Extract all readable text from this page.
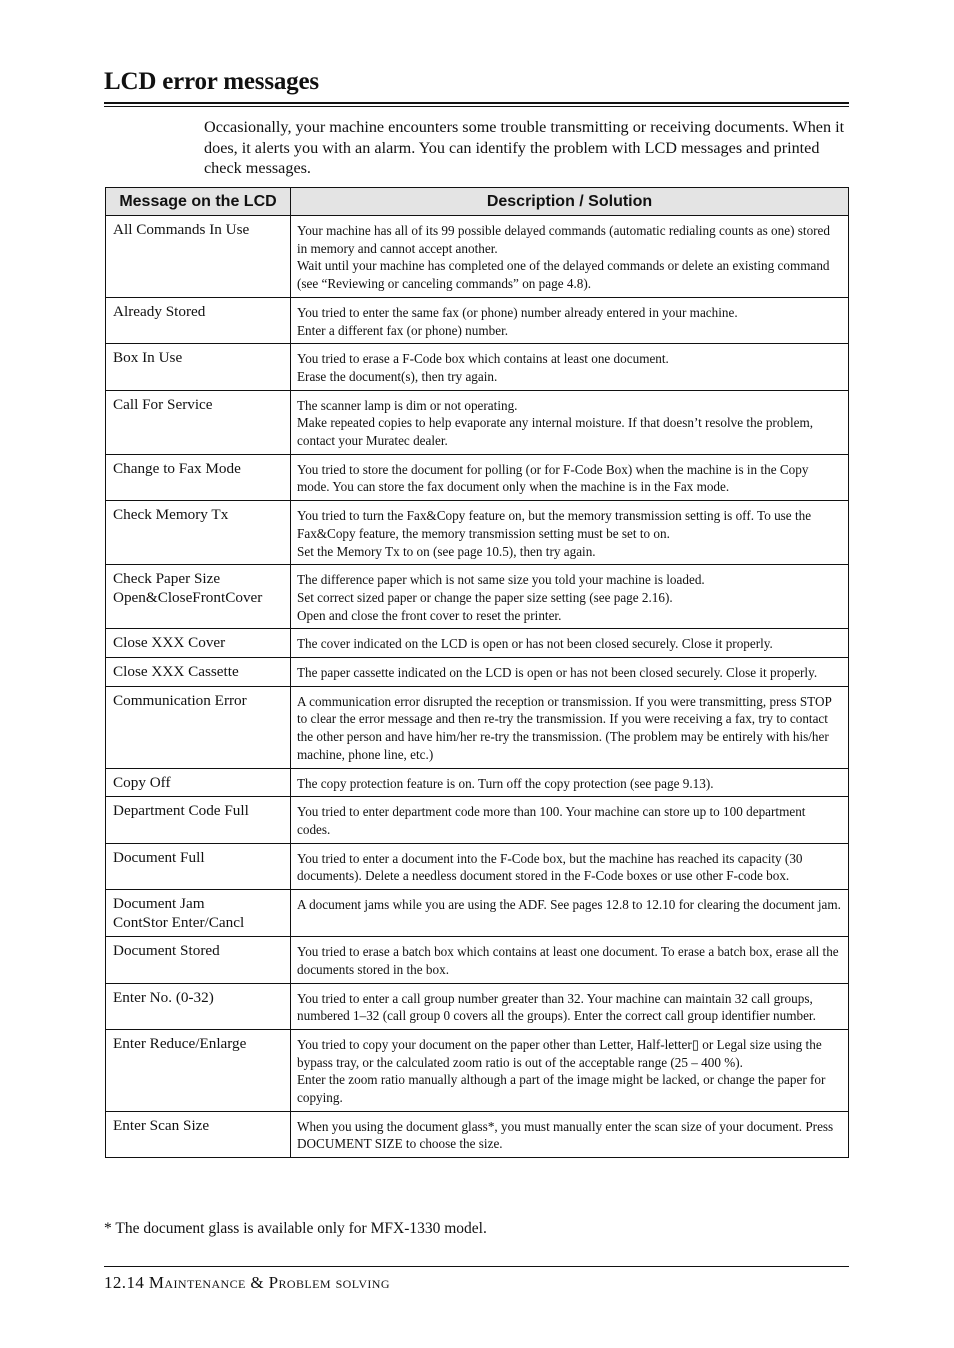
LCD error messages

Occasionally, your machine encounters some trouble transmitting or receiving documents. When it does, it alerts you with an alarm. You can identify the problem with LCD messages and printed check messages.

Message on the LCD	Description / Solution
All Commands In Use	Your machine has all of its 99 possible delayed commands (automatic redialing counts as one) stored in memory and cannot accept another.
Wait until your machine has completed one of the delayed commands or delete an existing command (see “Reviewing or canceling commands” on page 4.8).
Already Stored	You tried to enter the same fax (or phone) number already entered in your machine.
Enter a different fax (or phone) number.
Box In Use	You tried to erase a F-Code box which contains at least one document.
Erase the document(s), then try again.
Call For Service	The scanner lamp is dim or not operating.
Make repeated copies to help evaporate any internal moisture. If that doesn’t resolve the problem, contact your Muratec dealer.
Change to Fax Mode	You tried to store the document for polling (or for F-Code Box) when the machine is in the Copy mode. You can store the fax document only when the machine is in the Fax mode.
Check Memory Tx	You tried to turn the Fax&Copy feature on, but the memory transmission setting is off. To use the Fax&Copy feature, the memory transmission setting must be set to on.
Set the Memory Tx to on (see page 10.5), then try again.
Check Paper Size
Open&CloseFrontCover	The difference paper which is not same size you told your machine is loaded.
Set correct sized paper or change the paper size setting (see page 2.16).
Open and close the front cover to reset the printer.
Close XXX Cover	The cover indicated on the LCD is open or has not been closed securely. Close it properly.
Close XXX Cassette	The paper cassette indicated on the LCD is open or has not been closed securely. Close it properly.
Communication Error	A communication error disrupted the reception or transmission. If you were transmitting, press STOP to clear the error message and then re-try the transmission. If you were receiving a fax, try to contact the other person and have him/her re-try the transmission. (The problem may be entirely with his/her machine, phone line, etc.)
Copy Off	The copy protection feature is on. Turn off the copy protection (see page 9.13).
Department Code Full	You tried to enter department code more than 100. Your machine can store up to 100 department codes.
Document Full	You tried to enter a document into the F-Code box, but the machine has reached its capacity (30 documents). Delete a needless document stored in the F-Code boxes or use other F-code box.
Document Jam
ContStor Enter/Cancl	A document jams while you are using the ADF. See pages 12.8 to 12.10 for clearing the document jam.
Document Stored	You tried to erase a batch box which contains at least one document. To erase a batch box, erase all the documents stored in the box.
Enter No. (0-32)	You tried to enter a call group number greater than 32. Your machine can maintain 32 call groups, numbered 1–32 (call group 0 covers all the groups). Enter the correct call group identifier number.
Enter Reduce/Enlarge	You tried to copy your document on the paper other than Letter, Half-letter▯ or Legal size using the bypass tray, or the calculated zoom ratio is out of the acceptable range (25 – 400 %).
Enter the zoom ratio manually although a part of the image might be lacked, or change the paper for copying.
Enter Scan Size	When you using the document glass*, you must manually enter the scan size of your document. Press DOCUMENT SIZE to choose the size.

* The document glass is available only for MFX-1330 model.

12.14 Maintenance & Problem solving
